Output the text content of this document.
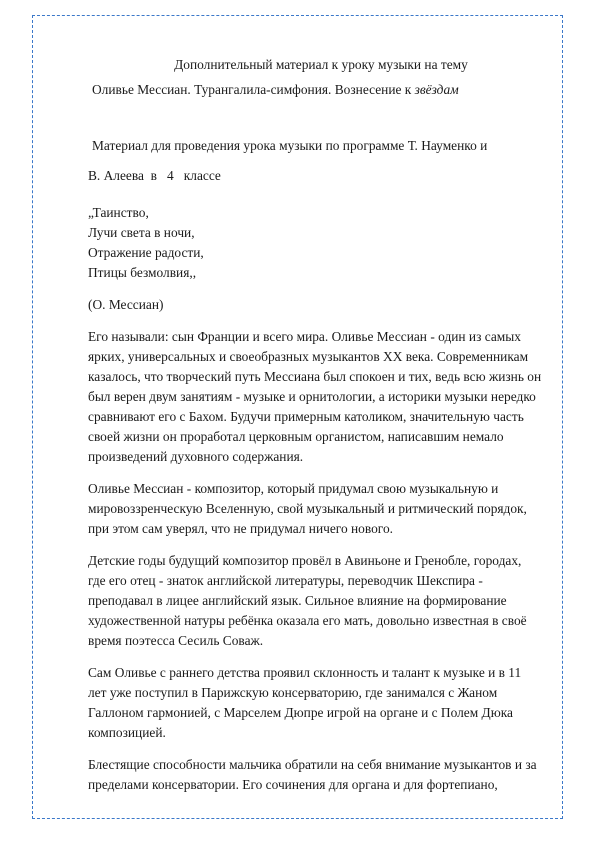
Дополнительный материал к уроку музыки на тему

Оливье Мессиан. Турангалила-симфония. Вознесение к звёздам

Материал для проведения урока музыки по программе Т. Науменко и

В. Алеева  в   4   классе

„Таинство,
Лучи света в ночи,
Отражение радости,
Птицы безмолвия,,

(О. Мессиан)

Его называли: сын Франции и всего мира. Оливье Мессиан - один из самых
ярких, универсальных и своеобразных музыкантов ХХ века. Современникам
казалось, что творческий путь Мессиана был спокоен и тих, ведь всю жизнь он
был верен двум занятиям - музыке и орнитологии, а историки музыки нередко
сравнивают его с Бахом. Будучи примерным католиком, значительную часть
своей жизни он проработал церковным органистом, написавшим немало
произведений духовного содержания.

Оливье Мессиан - композитор, который придумал свою музыкальную и
мировоззренческую Вселенную, свой музыкальный и ритмический порядок,
при этом сам уверял, что не придумал ничего нового.

Детские годы будущий композитор провёл в Авиньоне и Гренобле, городах,
где его отец - знаток английской литературы, переводчик Шекспира -
преподавал в лицее английский язык. Сильное влияние на формирование
художественной натуры ребёнка оказала его мать, довольно известная в своё
время поэтесса Сесиль Соваж.

Сам Оливье с раннего детства проявил склонность и талант к музыке и в 11
лет уже поступил в Парижскую консерваторию, где занимался с Жаном
Галлоном гармонией, с Марселем Дюпре игрой на органе и с Полем Дюка
композицией.

Блестящие способности мальчика обратили на себя внимание музыкантов и за
пределами консерватории. Его сочинения для органа и для фортепиано,
